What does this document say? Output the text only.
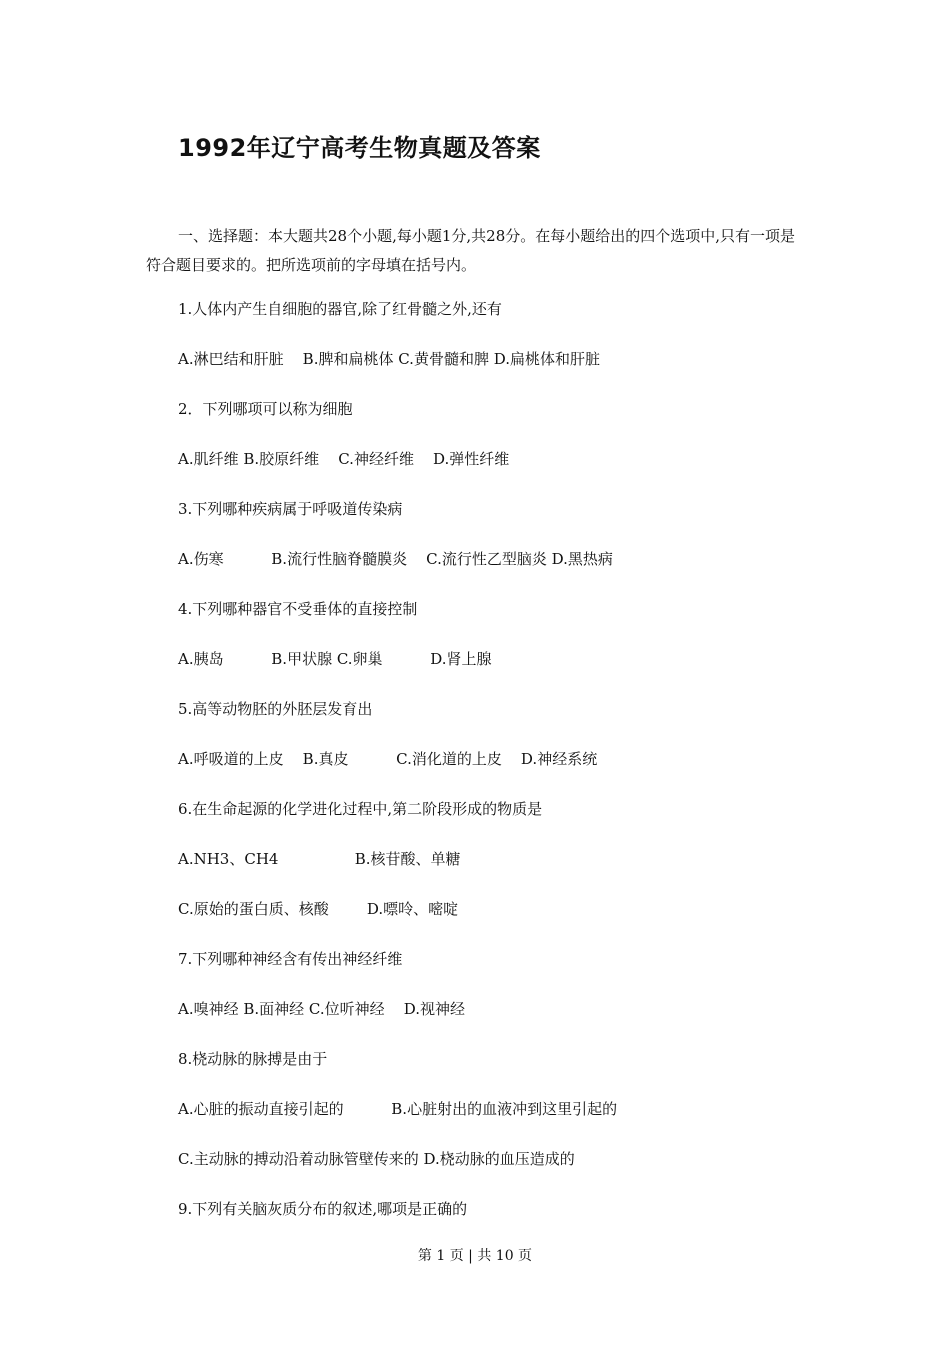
1992年辽宁高考生物真题及答案

一、选择题：本大题共28个小题,每小题1分,共28分。在每小题给出的四个选项中,只有一项是符合题目要求的。把所选项前的字母填在括号内。

1.人体内产生自细胞的器官,除了红骨髓之外,还有

A.淋巴结和肝脏    B.脾和扁桃体 C.黄骨髓和脾 D.扁桃体和肝脏

2．下列哪项可以称为细胞

A.肌纤维 B.胶原纤维    C.神经纤维    D.弹性纤维

3.下列哪种疾病属于呼吸道传染病

A.伤寒          B.流行性脑脊髓膜炎    C.流行性乙型脑炎 D.黑热病

4.下列哪种器官不受垂体的直接控制

A.胰岛          B.甲状腺 C.卵巢          D.肾上腺

5.高等动物胚的外胚层发育出

A.呼吸道的上皮    B.真皮          C.消化道的上皮    D.神经系统

6.在生命起源的化学进化过程中,第二阶段形成的物质是

A.NH3、CH4                B.核苷酸、单糖

C.原始的蛋白质、核酸        D.嘌呤、嘧啶

7.下列哪种神经含有传出神经纤维

A.嗅神经 B.面神经 C.位听神经    D.视神经

8.桡动脉的脉搏是由于

A.心脏的振动直接引起的          B.心脏射出的血液冲到这里引起的

C.主动脉的搏动沿着动脉管壁传来的 D.桡动脉的血压造成的

9.下列有关脑灰质分布的叙述,哪项是正确的

第 1 页 | 共 10 页
